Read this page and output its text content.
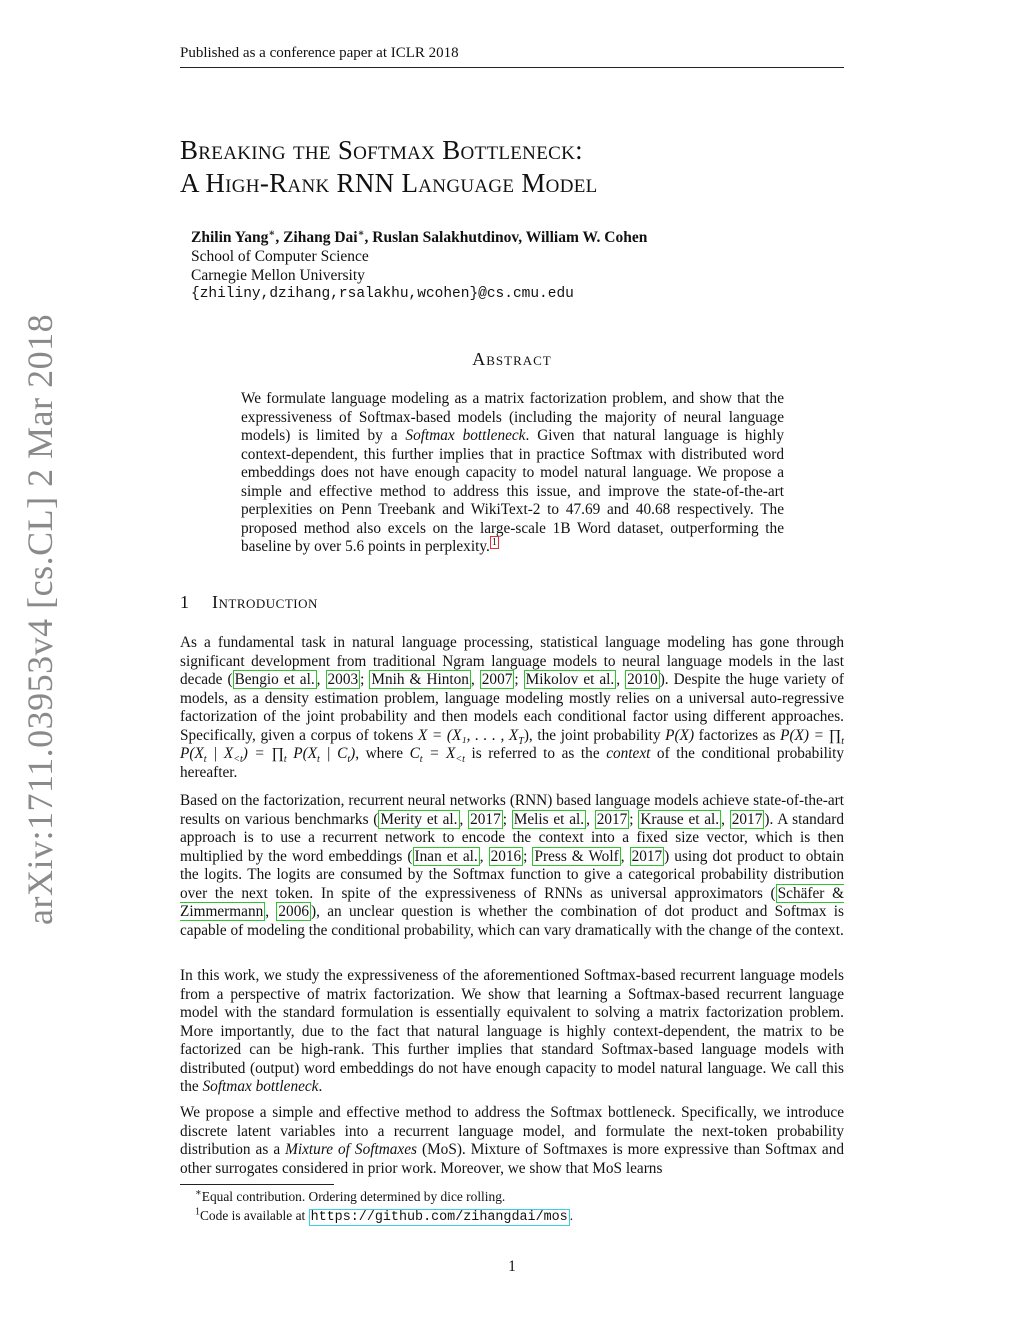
Published as a conference paper at ICLR 2018
arXiv:1711.03953v4 [cs.CL] 2 Mar 2018
Breaking the Softmax Bottleneck:
A High-Rank RNN Language Model
Zhilin Yang∗, Zihang Dai∗, Ruslan Salakhutdinov, William W. Cohen
School of Computer Science
Carnegie Mellon University
{zhiliny,dzihang,rsalakhu,wcohen}@cs.cmu.edu
Abstract
We formulate language modeling as a matrix factorization problem, and show that the expressiveness of Softmax-based models (including the majority of neural language models) is limited by a Softmax bottleneck. Given that natural language is highly context-dependent, this further implies that in practice Softmax with distributed word embeddings does not have enough capacity to model natural language. We propose a simple and effective method to address this issue, and improve the state-of-the-art perplexities on Penn Treebank and WikiText-2 to 47.69 and 40.68 respectively. The proposed method also excels on the large-scale 1B Word dataset, outperforming the baseline by over 5.6 points in perplexity. $^1$
1 Introduction
As a fundamental task in natural language processing, statistical language modeling has gone through significant development from traditional Ngram language models to neural language models in the last decade ( Bengio et al. , 2003 ; Mnih & Hinton , 2007 ; Mikolov et al. , 2010 ). Despite the huge variety of models, as a density estimation problem, language modeling mostly relies on a universal auto-regressive factorization of the joint probability and then models each conditional factor using different approaches. Specifically, given a corpus of tokens X = (X₁, . . . , $X_T$), the joint probability P(X) factorizes as $P(X) = \prod_t$ $P(X_t$ | $X_{<t}$) = $\prod_t$ $P(X_t$ | $C_t$), where $C_t = X_{<t}$ is referred to as the context of the conditional probability hereafter.
Based on the factorization, recurrent neural networks (RNN) based language models achieve state-of-the-art results on various benchmarks ( Merity et al. , 2017 ; Melis et al. , 2017 ; Krause et al. , 2017 ). A standard approach is to use a recurrent network to encode the context into a fixed size vector, which is then multiplied by the word embeddings ( Inan et al. , 2016 ; Press & Wolf , 2017 ) using dot product to obtain the logits. The logits are consumed by the Softmax function to give a categorical probability distribution over the next token. In spite of the expressiveness of RNNs as universal approximators ( Schäfer & Zimmermann , 2006 ), an unclear question is whether the combination of dot product and Softmax is capable of modeling the conditional probability, which can vary dramatically with the change of the context.
In this work, we study the expressiveness of the aforementioned Softmax-based recurrent language models from a perspective of matrix factorization. We show that learning a Softmax-based recurrent language model with the standard formulation is essentially equivalent to solving a matrix factorization problem. More importantly, due to the fact that natural language is highly context-dependent, the matrix to be factorized can be high-rank. This further implies that standard Softmax-based language models with distributed (output) word embeddings do not have enough capacity to model natural language. We call this the Softmax bottleneck.
We propose a simple and effective method to address the Softmax bottleneck. Specifically, we introduce discrete latent variables into a recurrent language model, and formulate the next-token probability distribution as a Mixture of Softmaxes (MoS). Mixture of Softmaxes is more expressive than Softmax and other surrogates considered in prior work. Moreover, we show that MoS learns
∗Equal contribution. Ordering determined by dice rolling.
$^1$Code is available at https://github.com/zihangdai/mos .
1
